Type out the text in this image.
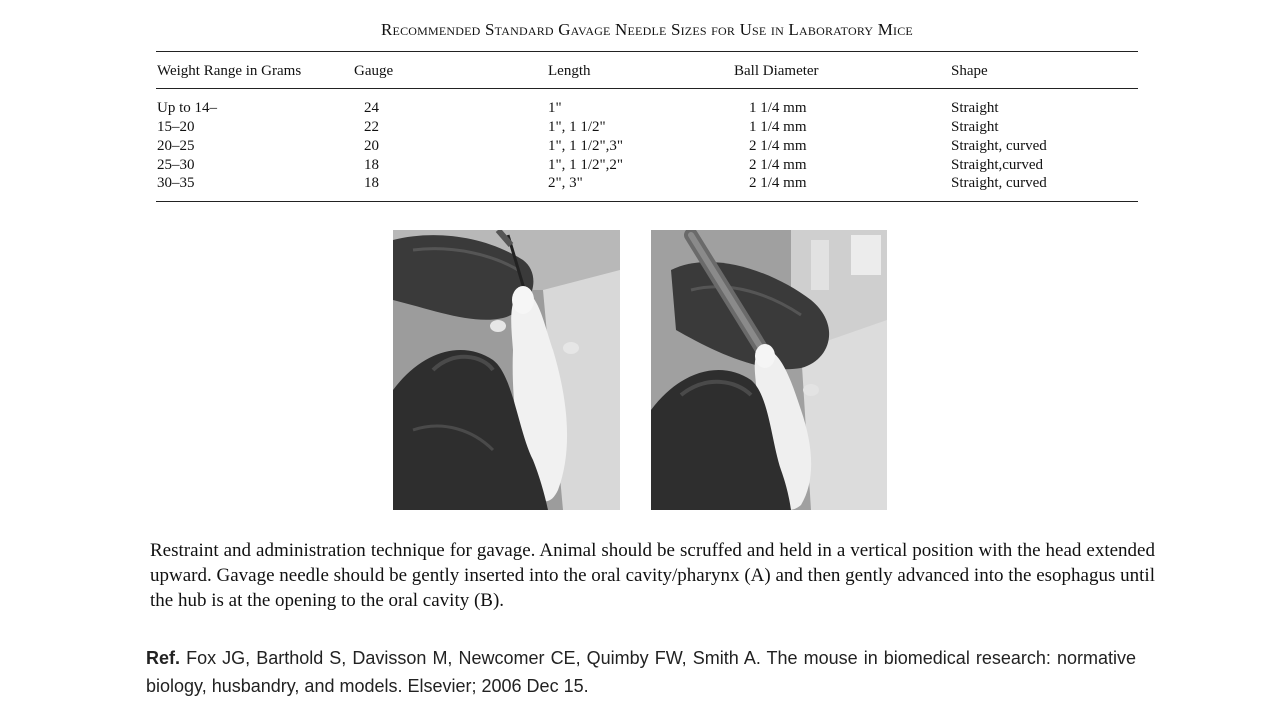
Recommended Standard Gavage Needle Sizes for Use in Laboratory Mice
Weight Range in Grams	Gauge	Length	Ball Diameter	Shape
Up to 14–	24	1"	1 1/4 mm	Straight
15–20	22	1", 1 1/2"	1 1/4 mm	Straight
20–25	20	1", 1 1/2",3"	2 1/4 mm	Straight, curved
25–30	18	1", 1 1/2",2"	2 1/4 mm	Straight,curved
30–35	18	2", 3"	2 1/4 mm	Straight, curved
Restraint and administration technique for gavage. Animal should be scruffed and held in a vertical position with the head extended upward. Gavage needle should be gently inserted into the oral cavity/pharynx (A) and then gently advanced into the esophagus until the hub is at the opening to the oral cavity (B).
Ref. Fox JG, Barthold S, Davisson M, Newcomer CE, Quimby FW, Smith A. The mouse in biomedical research: normative biology, husbandry, and models. Elsevier; 2006 Dec 15.
